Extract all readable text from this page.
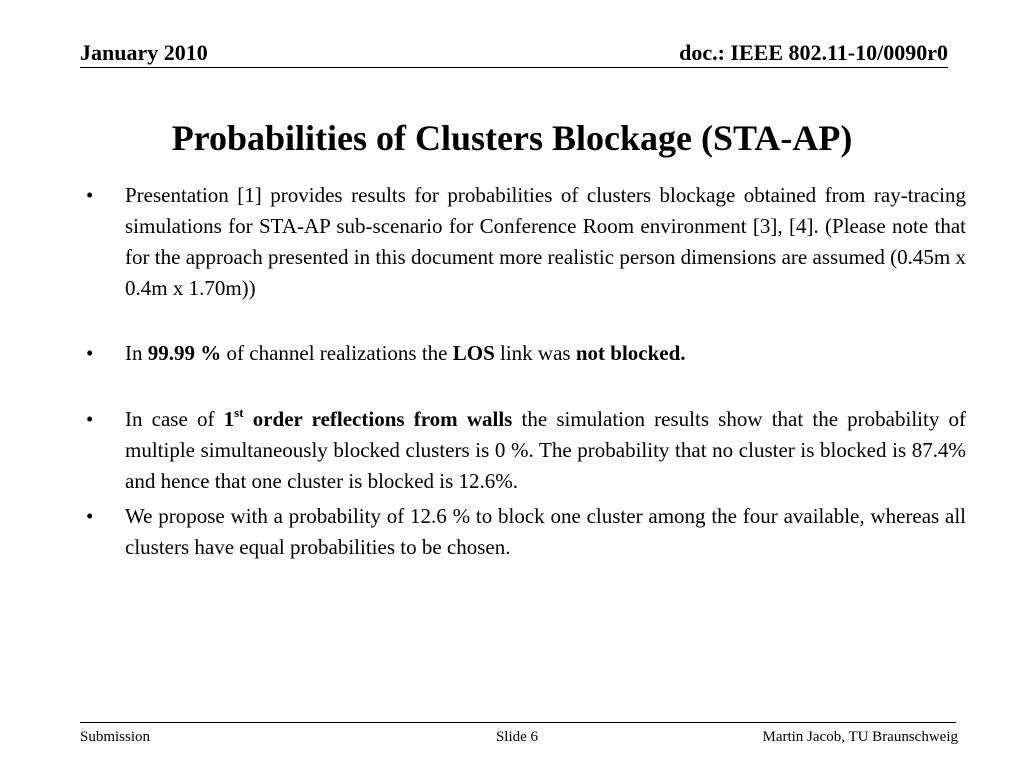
January 2010	doc.: IEEE 802.11-10/0090r0
Probabilities of Clusters Blockage (STA-AP)
• Presentation [1] provides results for probabilities of clusters blockage obtained from ray-tracing simulations for STA-AP sub-scenario for Conference Room environment [3], [4]. (Please note that for the approach presented in this document more realistic person dimensions are assumed (0.45m x 0.4m x 1.70m))
• In 99.99 % of channel realizations the LOS link was not blocked.
• In case of 1st order reflections from walls the simulation results show that the probability of multiple simultaneously blocked clusters is 0 %. The probability that no cluster is blocked is 87.4% and hence that one cluster is blocked is 12.6%.
• We propose with a probability of 12.6 % to block one cluster among the four available, whereas all clusters have equal probabilities to be chosen.
Submission	Slide 6	Martin Jacob, TU Braunschweig
